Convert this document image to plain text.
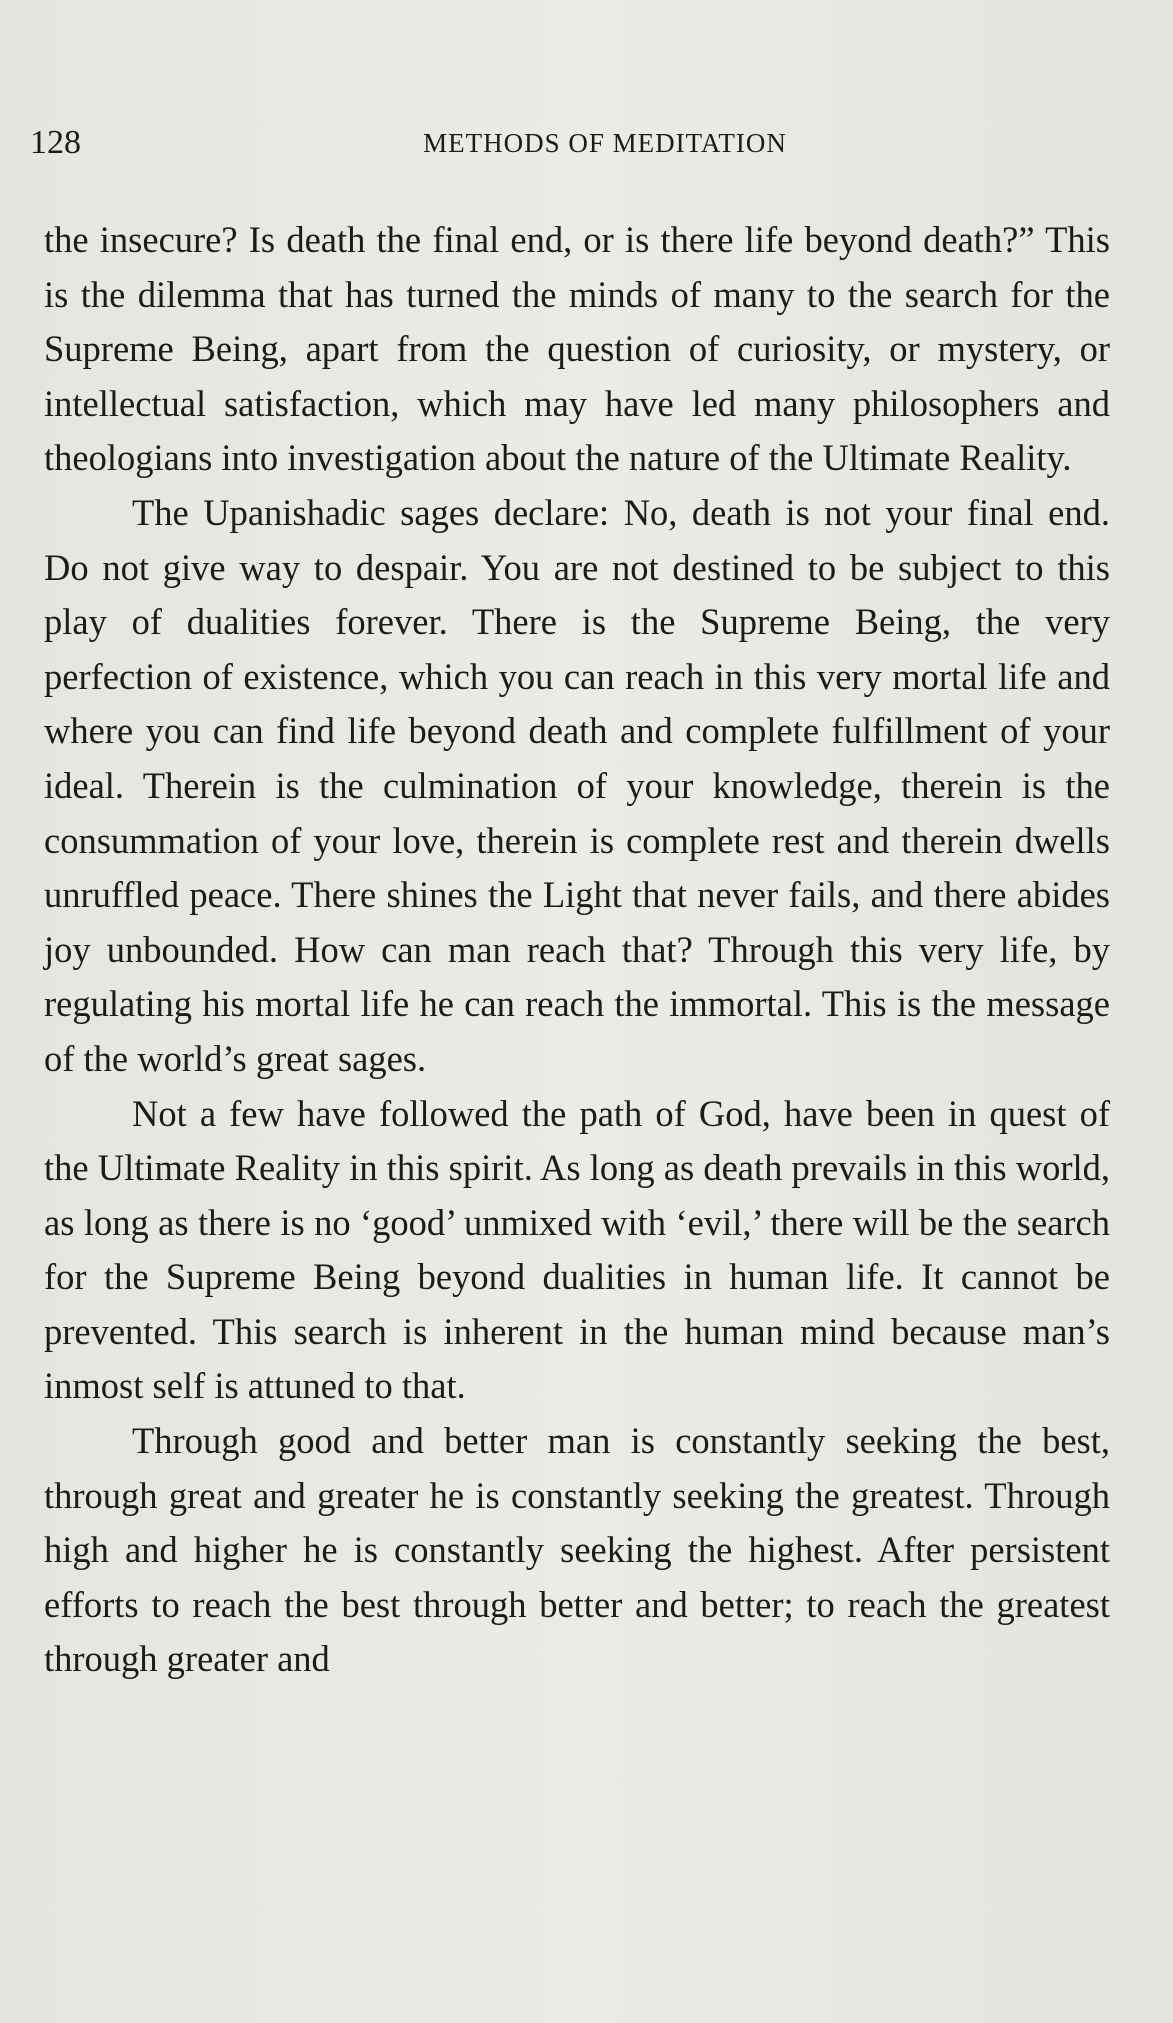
128	METHODS OF MEDITATION

the insecure? Is death the final end, or is there life beyond death?” This is the dilemma that has turned the minds of many to the search for the Supreme Being, apart from the question of curiosity, or mystery, or intellectual satisfaction, which may have led many philosophers and theologians into investigation about the nature of the Ultimate Reality.

The Upanishadic sages declare: No, death is not your final end. Do not give way to despair. You are not destined to be subject to this play of dualities forever. There is the Supreme Being, the very perfection of existence, which you can reach in this very mortal life and where you can find life beyond death and complete fulfillment of your ideal. Therein is the culmination of your knowledge, therein is the consummation of your love, therein is complete rest and therein dwells unruffled peace. There shines the Light that never fails, and there abides joy unbounded. How can man reach that? Through this very life, by regulating his mortal life he can reach the immortal. This is the message of the world’s great sages.

Not a few have followed the path of God, have been in quest of the Ultimate Reality in this spirit. As long as death prevails in this world, as long as there is no ‘good’ unmixed with ‘evil,’ there will be the search for the Supreme Being beyond dualities in human life. It cannot be prevented. This search is inherent in the human mind because man’s inmost self is attuned to that.

Through good and better man is constantly seeking the best, through great and greater he is constantly seeking the greatest. Through high and higher he is constantly seeking the highest. After persistent efforts to reach the best through better and better; to reach the greatest through greater and
